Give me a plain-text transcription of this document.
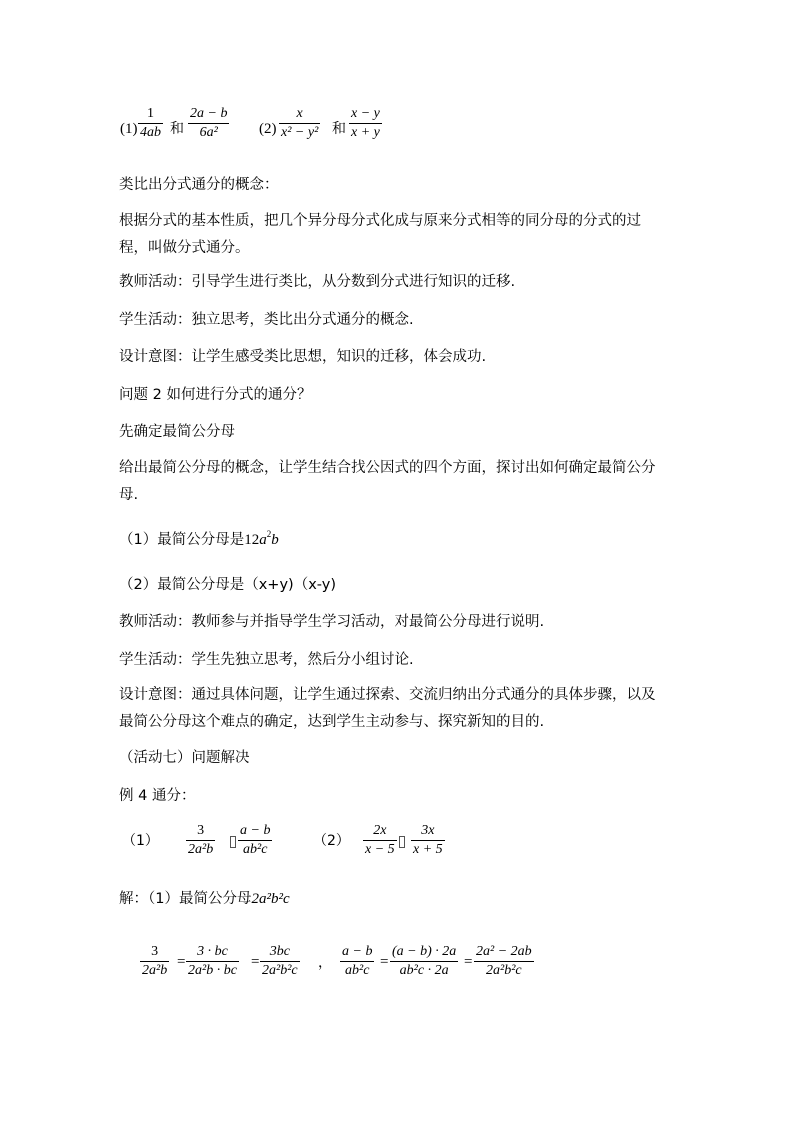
(1)
1
4ab 和
2a − b
6a²	(2)
x
x² − y² 和
x − y
x + y
类比出分式通分的概念：
根据分式的基本性质，把几个异分母分式化成与原来分式相等的同分母的分式的过程，叫做分式通分。
教师活动：引导学生进行类比，从分数到分式进行知识的迁移.
学生活动：独立思考，类比出分式通分的概念.
设计意图：让学生感受类比思想，知识的迁移，体会成功.
问题 2 如何进行分式的通分？
先确定最简公分母
给出最简公分母的概念，让学生结合找公因式的四个方面，探讨出如何确定最简公分母.
（1）最简公分母是$12a^2b$
（2）最简公分母是（x+y)（x-y)
教师活动：教师参与并指导学生学习活动，对最简公分母进行说明.
学生活动：学生先独立思考，然后分小组讨论.
设计意图：通过具体问题，让学生通过探索、交流归纳出分式通分的具体步骤，以及最简公分母这个难点的确定，达到学生主动参与、探究新知的目的.
（活动七）问题解决
例 4 通分：
（1）
3
2a²b
a − b
ab²c
（2）
2x
x − 5
3x
x + 5
解：（1）最简公分母2a²b²c
3
2a²b
=
3 · bc
2a²b · bc
=
3bc
2a²b²c ，
a − b
ab²c
=
(a − b) · 2a
ab²c · 2a
=
2a² − 2ab
2a²b²c
